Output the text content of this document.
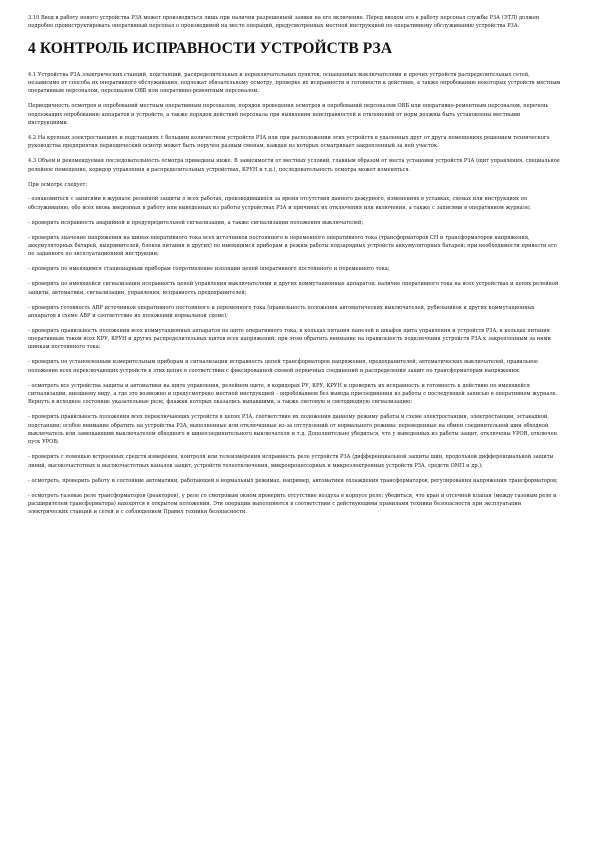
3.10 Ввод в работу нового устройства РЗА может производиться лишь при наличии разрешенной заявки на его включение. Перед вводом его в работу персонал службы РЗА (ЭТЛ) должен подробно проинструктировать оперативный персонал о производимой на месте операций, предусмотренных местной инструкцией по оперативному обслуживанию устройства РЗА.

4 КОНТРОЛЬ ИСПРАВНОСТИ УСТРОЙСТВ РЗА

4.1 Устройства РЗА электрических станций, подстанций, распределительных и переключательных пунктов, оснащенных выключателями и прочих устройств распределительных сетей, независимо от способа их оперативного обслуживания, подлежат обязательному осмотру, проверке их исправности и готовности к действию, а также опробованию некоторых устройств местным оперативным персоналом, персоналом ОВБ или оперативно-ремонтным персоналом.

Периодичность осмотров и опробований местным оперативным персоналом, порядок проведения осмотров и опробований персоналом ОВБ или оперативно-ремонтным персоналом, перечень подлежащих опробованию аппаратов и устройств, а также порядок действий персонала при выявлении неисправностей и отклонений от норм должны быть установлены местными инструкциями.

4.2 На крупных электростанциях и подстанциях с большим количеством устройств РЗА или при расположении этих устройств в удаленных друг от друга помещениях решением технического руководства предприятия периодический осмотр может быть поручен разным сменам, каждая из которых осматривает закрепленный за ней участок.

4.3 Объем и рекомендуемая последовательность осмотра приведены ниже. В зависимости от местных условий, главным образом от места установки устройств РЗА (щит управления, специальное релейное помещение, коридор управления в распределительных устройствах, КРУН и т.д.), последовательность осмотра может изменяться.

При осмотре следует:

- ознакомиться с записями в журнале релейной защиты о всех работах, производившихся за время отсутствия данного дежурного, изменениях в уставках, схемах или инструкциях по обслуживанию, обо всех вновь введенных в работу или выведенных из работы устройствах РЗА и причинах их отключения или включения, а также с записями в оперативном журнале;

- проверить исправность аварийной и предупредительной сигнализации, а также сигнализации положения выключателей;

- проверить значение напряжения на шинах оперативного тока всех источников постоянного и переменного оперативного тока (трансформаторов СН и трансформаторов напряжения, аккумуляторных батарей, выпрямителей, блоков питания и других) по имеющимся приборам и режим работы подзарядных устройств аккумуляторных батарей; при необходимости привести его по заданного по эксплуатационной инструкции;

- проверить по имеющимся стационарным приборам сопротивление изоляции цепей оперативного постоянного и переменного тока;

- проверить по имеющейся сигнализации исправность цепей управления выключателями и других коммутационных аппаратов; наличие оперативного тока на всех устройствах и цепях релейной защиты, автоматики, сигнализации, управления; исправность предохранителей;

- проверить готовность АВР источников оперативного постоянного и переменного тока (правильность положения автоматических выключателей, рубильников и других коммутационных аппаратов в схеме АВР и соответствие их положений нормальной схеме);

- проверить правильность положения всех коммутационных аппаратов на щите оперативного тока, в кольцах питания панелей и шкафов щита управления и устройств РЗА, в кольцах питания оперативным током всех КРУ, КРУН и других распределительных щитов всех напряжений; при этом обратить внимание на правильность подключения устройств РЗА к закрепленным за ними шинкам постоянного тока;

- проверить по установленным измерительным приборам и сигнализации исправность цепей трансформаторов напряжения, предохранителей, автоматических выключателей, правильное положение всех переключающих устройств в этих цепях в соответствии с фиксированной схемой первичных соединений и распределения защит по трансформаторам напряжения;

- осмотреть все устройства защиты и автоматики на щите управления, релейном щите, в коридорах РУ, КРУ, КРУН и проверить их исправность и готовность к действию по имеющейся сигнализации, внешнему виду, а где это возможно и предусмотрено местной инструкцией - опробованием без вывода присоединения из работы с последующей записью в оперативном журнале. Вернуть в исходное состояние указательные реле, флажки которых оказались выпавшими, а также световую и светодиодную сигнализацию;

- проверить правильность положения всех переключающих устройств в цепях РЗА, соответствие их положения данному режиму работы и схеме электростанции, электростанции, эстакадной, подстанции; особое внимание обратить на устройства РЗА, выполненные или отключенные из-за отступлений от нормального режима: переведенные на обмен соединительной шин обходной выключатель или замещающим выключателем обходного и шиносоединительного выключателя и т.д. Дополнительно убедиться, что у выведенных из работы защит, отключены УРОВ, отключен пуск УРОВ;

- проверить с помощью встроенных средств измерения, контроля или телеизмерения исправность реле устройств РЗА (дифференциальной защиты шин, продольной дифференциальной защиты линий, высокочастотных и высокочастотных каналов защит, устройств телеотключения, микропроцессорных и микроэлектронных устройств РЗА, средств ОМП и др.);

- осмотреть, проверить работу и состояние автоматики, работающей в нормальных режимах, например, автоматики охлаждения трансформаторов, регулирования напряжения трансформаторов;

- осмотреть газовые реле трансформаторов (реакторов), у реле со смотровым окном проверить отсутствие воздуха в корпусе реле; убедиться, что кран и отсечной клапан (между газовым реле и расширителем трансформатора) находятся в открытом положении. Эти операции выполняются в соответствии с действующими правилами техники безопасности при эксплуатации электрических станций и сетей и с соблюдением Правил техники безопасности.
